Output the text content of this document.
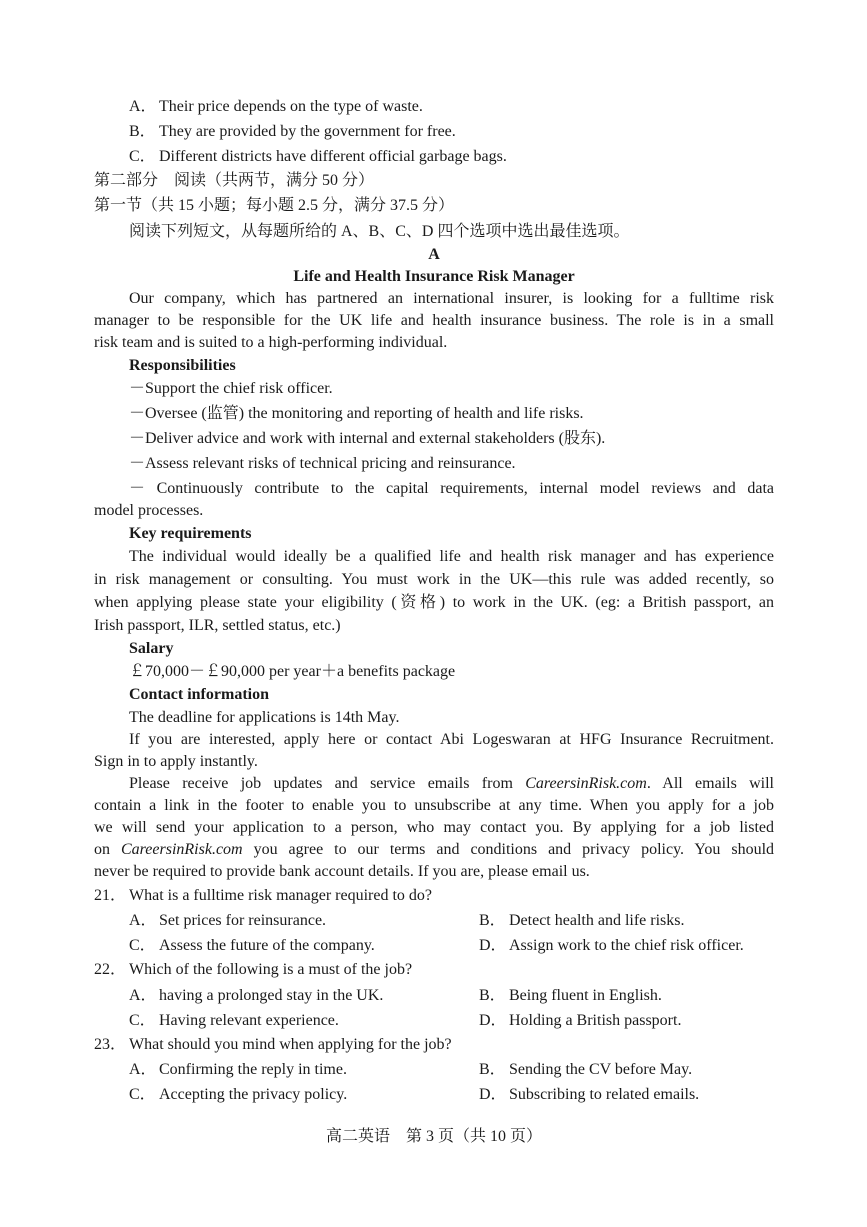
A． Their price depends on the type of waste.
B． They are provided by the government for free.
C． Different districts have different official garbage bags.
第二部分　阅读（共两节，满分 50 分）
第一节（共 15 小题；每小题 2.5 分，满分 37.5 分）
阅读下列短文，从每题所给的 A、B、C、D 四个选项中选出最佳选项。
A
Life and Health Insurance Risk Manager
Our company, which has partnered an international insurer, is looking for a fulltime risk
manager to be responsible for the UK life and health insurance business. The role is in a small
risk team and is suited to a high-performing individual.
Responsibilities
－Support the chief risk officer.
－Oversee (监管) the monitoring and reporting of health and life risks.
－Deliver advice and work with internal and external stakeholders (股东).
－Assess relevant risks of technical pricing and reinsurance.
－ Continuously contribute to the capital requirements, internal model reviews and data
model processes.
Key requirements
The individual would ideally be a qualified life and health risk manager and has experience
in risk management or consulting. You must work in the UK—this rule was added recently, so
when applying please state your eligibility (资格) to work in the UK. (eg: a British passport, an
Irish passport, ILR, settled status, etc.)
Salary
￡70,000－￡90,000 per year＋a benefits package
Contact information
The deadline for applications is 14th May.
If you are interested, apply here or contact Abi Logeswaran at HFG Insurance Recruitment.
Sign in to apply instantly.
Please receive job updates and service emails from CareersinRisk.com. All emails will
contain a link in the footer to enable you to unsubscribe at any time. When you apply for a job
we will send your application to a person, who may contact you. By applying for a job listed
on CareersinRisk.com you agree to our terms and conditions and privacy policy. You should
never be required to provide bank account details. If you are, please email us.
21． What is a fulltime risk manager required to do?
A． Set prices for reinsurance.	B． Detect health and life risks.
C． Assess the future of the company.	D． Assign work to the chief risk officer.
22． Which of the following is a must of the job?
A． having a prolonged stay in the UK.	B． Being fluent in English.
C． Having relevant experience.	D． Holding a British passport.
23． What should you mind when applying for the job?
A． Confirming the reply in time.	B． Sending the CV before May.
C． Accepting the privacy policy.	D． Subscribing to related emails.
高二英语　第 3 页（共 10 页）
